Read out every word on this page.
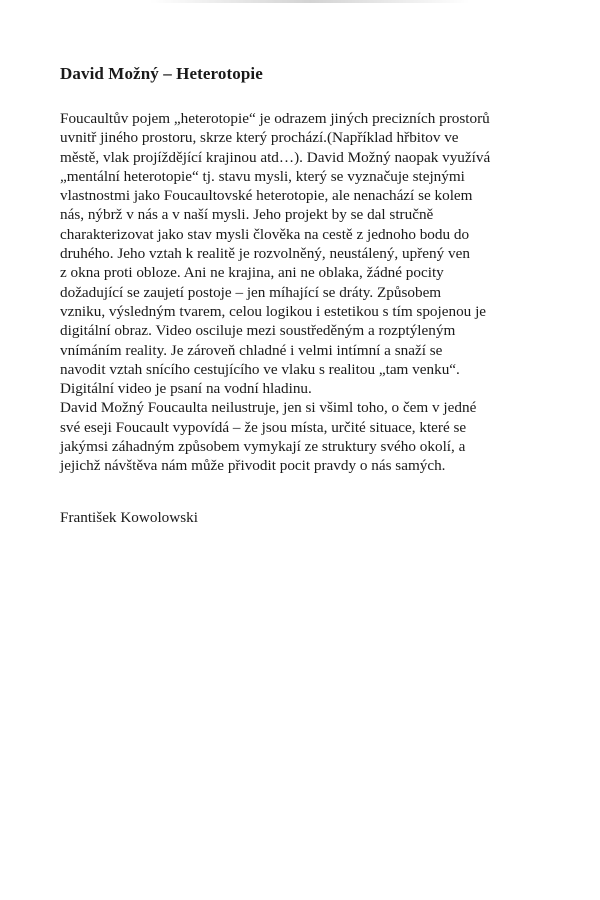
David Možný – Heterotopie
Foucaultův pojem „heterotopie“ je odrazem jiných precizních prostorů
uvnitř jiného prostoru, skrze který prochází.(Například hřbitov ve
městě, vlak projíždějící krajinou atd…). David Možný naopak využívá
„mentální heterotopie“ tj. stavu mysli, který se vyznačuje stejnými
vlastnostmi jako Foucaultovské heterotopie, ale nenachází se kolem
nás, nýbrž v nás a v naší mysli. Jeho projekt by se dal stručně
charakterizovat jako stav mysli člověka na cestě z jednoho bodu do
druhého. Jeho vztah k realitě je rozvolněný, neustálený, upřený ven
z okna proti obloze. Ani ne krajina, ani ne oblaka, žádné pocity
dožadující se zaujetí postoje – jen míhající se dráty. Způsobem
vzniku, výsledným tvarem, celou logikou i estetikou s tím spojenou je
digitální obraz. Video osciluje mezi soustředěným a rozptýleným
vnímáním reality. Je zároveň chladné i velmi intímní a snaží se
navodit vztah snícího cestujícího ve vlaku s realitou „tam venku“.
Digitální video je psaní na vodní hladinu.
David Možný Foucaulta neilustruje, jen si všiml toho, o čem v jedné
své eseji Foucault vypovídá – že jsou místa, určité situace, které se
jakýmsi záhadným způsobem vymykají ze struktury svého okolí, a
jejichž návštěva nám může přivodit pocit pravdy o nás samých.

František Kowolowski
